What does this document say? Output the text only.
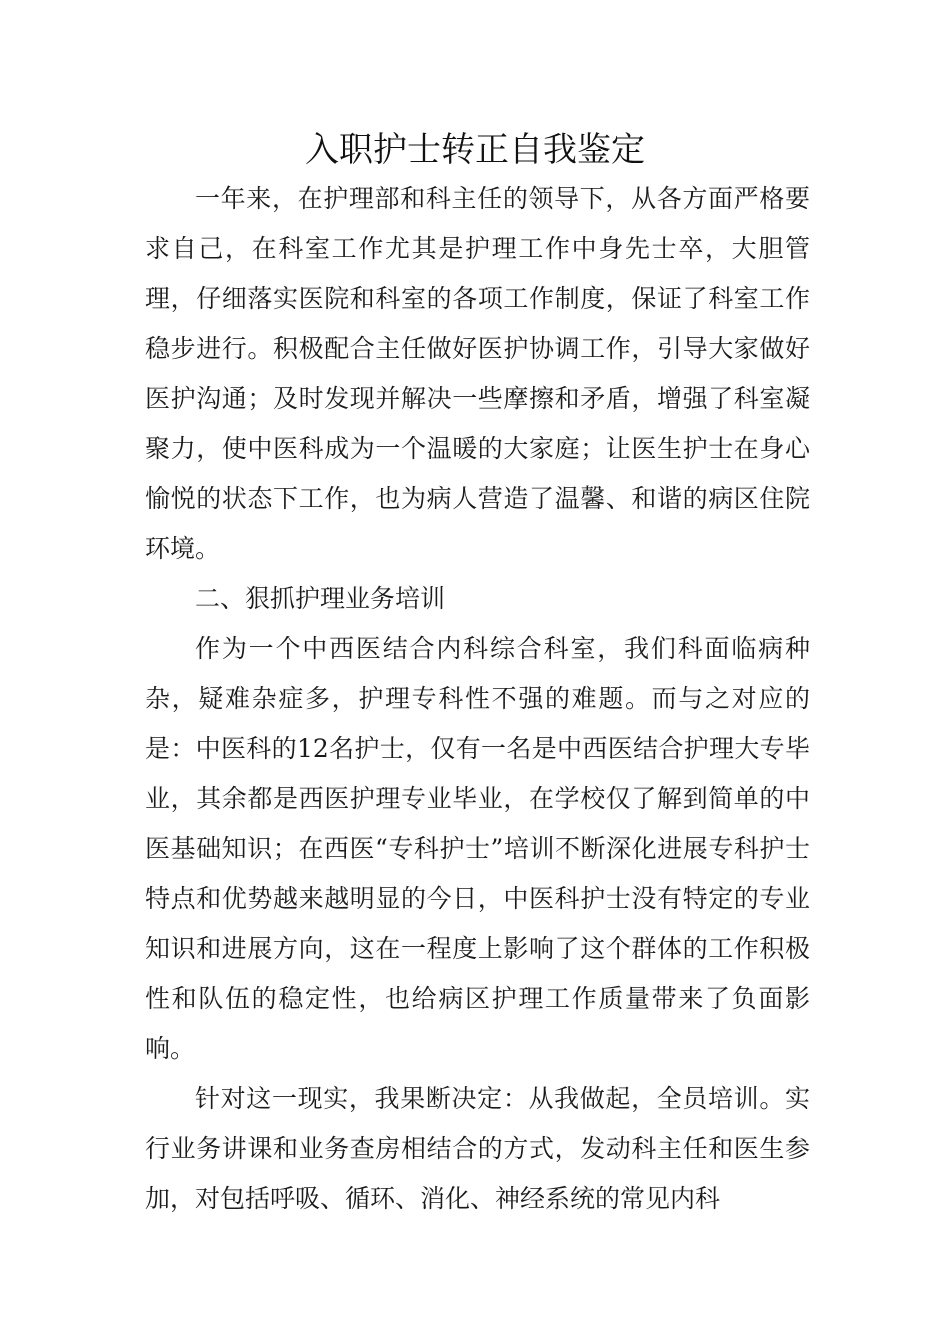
入职护士转正自我鉴定

一年来，在护理部和科主任的领导下，从各方面严格要求自己，在科室工作尤其是护理工作中身先士卒，大胆管理，仔细落实医院和科室的各项工作制度，保证了科室工作稳步进行。积极配合主任做好医护协调工作，引导大家做好医护沟通；及时发现并解决一些摩擦和矛盾，增强了科室凝聚力，使中医科成为一个温暖的大家庭；让医生护士在身心愉悦的状态下工作，也为病人营造了温馨、和谐的病区住院环境。

二、狠抓护理业务培训

作为一个中西医结合内科综合科室，我们科面临病种杂，疑难杂症多，护理专科性不强的难题。而与之对应的是：中医科的12名护士，仅有一名是中西医结合护理大专毕业，其余都是西医护理专业毕业，在学校仅了解到简单的中医基础知识；在西医“专科护士”培训不断深化进展专科护士特点和优势越来越明显的今日，中医科护士没有特定的专业知识和进展方向，这在一程度上影响了这个群体的工作积极性和队伍的稳定性，也给病区护理工作质量带来了负面影响。

针对这一现实，我果断决定：从我做起，全员培训。实行业务讲课和业务查房相结合的方式，发动科主任和医生参加，对包括呼吸、循环、消化、神经系统的常见内科
